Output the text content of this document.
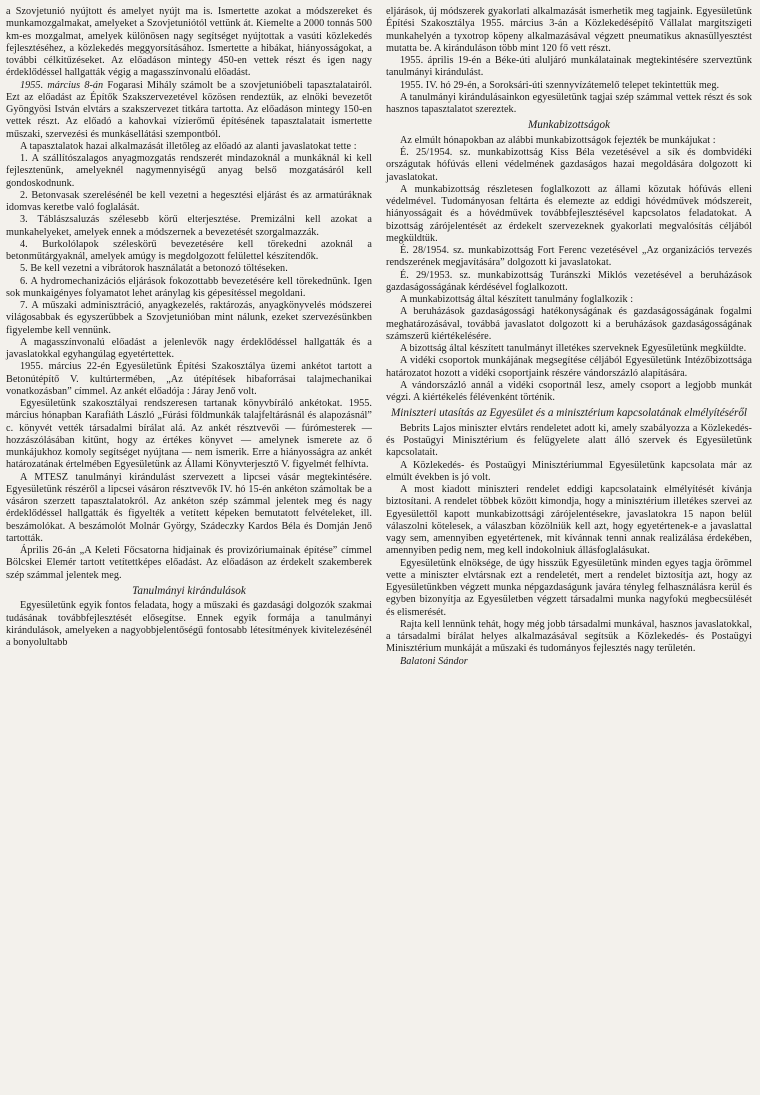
a Szovjetunió nyújtott és amelyet nyújt ma is. Ismertette azokat a módszereket és munkamozgalmakat, amelyeket a Szovjetuniótól vettünk át. Kiemelte a 2000 tonnás 500 km-es mozgalmat, amelyek különösen nagy segítséget nyújtottak a vasúti közlekedés fejlesztéséhez, a közlekedés meggyorsításához. Ismertette a hibákat, hiányosságokat, a további célkitűzéseket. Az előadáson mintegy 450-en vettek részt és igen nagy érdeklődéssel hallgatták végig a magasszínvonalú előadást.

1955. március 8-án Fogarasi Mihály számolt be a szovjetunióbeli tapasztalatairól. Ezt az előadást az Építők Szakszervezetével közösen rendeztük, az elnöki bevezetőt Gyöngyösi István elvtárs a szakszervezet titkára tartotta. Az előadáson mintegy 150-en vettek részt. Az előadó a kahovkai vízierőmű építésének tapasztalatait ismertette műszaki, szervezési és munkásellátási szempontból.

A tapasztalatok hazai alkalmazását illetőleg az előadó az alanti javaslatokat tette :

1. A szállítószalagos anyagmozgatás rendszerét mindazoknál a munkáknál ki kell fejlesztenünk, amelyeknél nagymennyiségű anyag belső mozgatásáról kell gondoskodnunk.

2. Betonvasak szerelésénél be kell vezetni a hegesztési eljárást és az armatúráknak idomvas keretbe való foglalását.

3. Táblászsaluzás szélesebb körű elterjesztése. Premizálni kell azokat a munkahelyeket, amelyek ennek a módszernek a bevezetését szorgalmazzák.

4. Burkolólapok széleskörű bevezetésére kell törekedni azoknál a betonműtárgyaknál, amelyek amúgy is megdolgozott felülettel készítendők.

5. Be kell vezetni a vibrátorok használatát a betonozó töltéseken.

6. A hydromechanizációs eljárások fokozottabb bevezetésére kell törekednünk. Igen sok munkaigényes folyamatot lehet aránylag kis gépesítéssel megoldani.

7. A műszaki adminisztráció, anyagkezelés, raktározás, anyagkönyvelés módszerei világosabbak és egyszerűbbek a Szovjetunióban mint nálunk, ezeket szervezésünkben figyelembe kell vennünk.

A magasszínvonalú előadást a jelenlevők nagy érdeklődéssel hallgatták és a javaslatokkal egyhangúlag egyetértettek.

1955. március 22-én Egyesületünk Építési Szakosztálya üzemi ankétot tartott a Betonútépítő V. kultúrtermében, „Az útépítések hibaforrásai talajmechanikai vonatkozásban” címmel. Az ankét előadója : Járay Jenő volt.

Egyesületünk szakosztályai rendszeresen tartanak könyvbíráló ankétokat. 1955. március hónapban Karafiáth László „Fúrási földmunkák talajfeltárásnál és alapozásnál” c. könyvét vették társadalmi bírálat alá. Az ankét résztvevői — fúrómesterek — hozzászólásában kitűnt, hogy az értékes könyvet — amelynek ismerete az ő munkájukhoz komoly segítséget nyújtana — nem ismerik. Erre a hiányosságra az ankét határozatának értelmében Egyesületünk az Állami Könyvterjesztő V. figyelmét felhívta.

A MTESZ tanulmányi kirándulást szervezett a lipcsei vásár megtekintésére. Egyesületünk részéről a lipcsei vásáron résztvevők IV. hó 15-én ankéton számoltak be a vásáron szerzett tapasztalatokról. Az ankéton szép számmal jelentek meg és nagy érdeklődéssel hallgatták és figyelték a vetített képeken bemutatott felvételeket, ill. beszámolókat. A beszámolót Molnár György, Szádeczky Kardos Béla és Domján Jenő tartották.

Április 26-án „A Keleti Főcsatorna hidjainak és provizóriumainak építése” címmel Bölcskei Elemér tartott vetítettképes előadást. Az előadáson az érdekelt szakemberek szép számmal jelentek meg.

Tanulmányi kirándulások

Egyesületünk egyik fontos feladata, hogy a műszaki és gazdasági dolgozók szakmai tudásának továbbfejlesztését elősegítse. Ennek egyik formája a tanulmányi kirándulások, amelyeken a nagyobbjelentőségű fontosabb létesítmények kivitelezésénél a bonyolultabb

eljárások, új módszerek gyakorlati alkalmazását ismerhetik meg tagjaink. Egyesületünk Építési Szakosztálya 1955. március 3-án a Közlekedésépítő Vállalat margitszigeti munkahelyén a tyxotrop köpeny alkalmazásával végzett pneumatikus aknasüllyesztést mutatta be. A kiránduláson több mint 120 fő vett részt.

1955. április 19-én a Béke-úti aluljáró munkálatainak megtekintésére szerveztünk tanulmányi kirándulást.

1955. IV. hó 29-én, a Soroksári-úti szennyvízátemelő telepet tekintettük meg.

A tanulmányi kirándulásainkon egyesületünk tagjai szép számmal vettek részt és sok hasznos tapasztalatot szereztek.

Munkabizottságok

Az elmúlt hónapokban az alábbi munkabizottságok fejezték be munkájukat :

É. 25/1954. sz. munkabizottság Kiss Béla vezetésével a sík és dombvidéki országutak hófúvás elleni védelmének gazdaságos hazai megoldására dolgozott ki javaslatokat.

A munkabizottság részletesen foglalkozott az állami közutak hófúvás elleni védelmével. Tudományosan feltárta és elemezte az eddigi hóvédművek módszereit, hiányosságait és a hóvédművek továbbfejlesztésével kapcsolatos feladatokat. A bizottság zárójelentését az érdekelt szervezeknek gyakorlati megvalósítás céljából megküldtük.

É. 28/1954. sz. munkabizottság Fort Ferenc vezetésével „Az organizációs tervezés rendszerének megjavítására” dolgozott ki javaslatokat.

É. 29/1953. sz. munkabizottság Turánszki Miklós vezetésével a beruházások gazdaságosságának kérdésével foglalkozott.

A munkabizottság által készített tanulmány foglalkozik :

A beruházások gazdaságossági hatékonyságának és gazdaságosságának fogalmi meghatározásával, továbbá javaslatot dolgozott ki a beruházások gazdaságosságának számszerű kiértékelésére.

A bizottság által készített tanulmányt illetékes szerveknek Egyesületünk megküldte.

A vidéki csoportok munkájának megsegítése céljából Egyesületünk Intézőbizottsága határozatot hozott a vidéki csoportjaink részére vándorszázló alapítására.

A vándorszázló annál a vidéki csoportnál lesz, amely csoport a legjobb munkát végzi. A kiértékelés félévenként történik.

Miniszteri utasítás az Egyesület és a minisztérium kapcsolatának elmélyítéséről

Bebrits Lajos miniszter elvtárs rendeletet adott ki, amely szabályozza a Közlekedés- és Postaügyi Minisztérium és felügyelete alatt álló szervek és Egyesületünk kapcsolatait.

A Közlekedés- és Postaügyi Minisztériummal Egyesületünk kapcsolata már az elmúlt években is jó volt.

A most kiadott miniszteri rendelet eddigi kapcsolataink elmélyítését kívánja biztosítani. A rendelet többek között kimondja, hogy a minisztérium illetékes szervei az Egyesülettől kapott munkabizottsági zárójelentésekre, javaslatokra 15 napon belül válaszolni kötelesek, a válaszban közölniük kell azt, hogy egyetértenek-e a javaslattal vagy sem, amennyiben egyetértenek, mit kívánnak tenni annak realizálása érdekében, amennyiben pedig nem, meg kell indokolniuk állásfoglalásukat.

Egyesületünk elnöksége, de úgy hisszük Egyesületünk minden egyes tagja örömmel vette a miniszter elvtársnak ezt a rendeletét, mert a rendelet biztosítja azt, hogy az Egyesületünkben végzett munka népgazdaságunk javára tényleg felhasználásra kerül és egyben bizonyítja az Egyesületben végzett társadalmi munka nagyfokú megbecsülését és elismerését.

Rajta kell lennünk tehát, hogy még jobb társadalmi munkával, hasznos javaslatokkal, a társadalmi bírálat helyes alkalmazásával segítsük a Közlekedés- és Postaügyi Minisztérium munkáját a műszaki és tudományos fejlesztés nagy területén.

Balatoni Sándor
